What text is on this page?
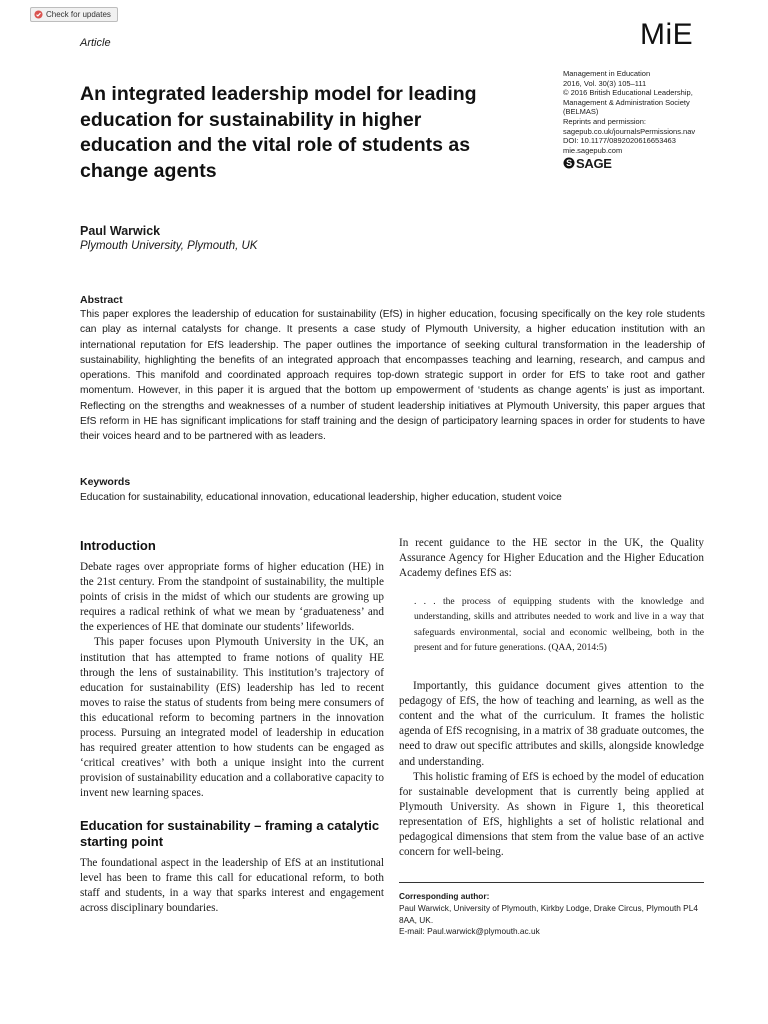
Check for updates
Article	MiE
An integrated leadership model for leading education for sustainability in higher education and the vital role of students as change agents
Management in Education
2016, Vol. 30(3) 105–111
© 2016 British Educational Leadership,
Management & Administration Society
(BELMAS)
Reprints and permission:
sagepub.co.uk/journalsPermissions.nav
DOI: 10.1177/0892020616653463
mie.sagepub.com
S SAGE
Paul Warwick
Plymouth University, Plymouth, UK
Abstract

This paper explores the leadership of education for sustainability (EfS) in higher education, focusing specifically on the key role students can play as internal catalysts for change. It presents a case study of Plymouth University, a higher education institution with an international reputation for EfS leadership. The paper outlines the importance of seeking cultural transformation in the leadership of sustainability, highlighting the benefits of an integrated approach that encompasses teaching and learning, research, and campus and operations. This manifold and coordinated approach requires top-down strategic support in order for EfS to take root and gather momentum. However, in this paper it is argued that the bottom up empowerment of ‘students as change agents’ is just as important. Reflecting on the strengths and weaknesses of a number of student leadership initiatives at Plymouth University, this paper argues that EfS reform in HE has significant implications for staff training and the design of participatory learning spaces in order for students to have their voices heard and to be partnered with as leaders.

Keywords

Education for sustainability, educational innovation, educational leadership, higher education, student voice

Introduction

Debate rages over appropriate forms of higher education (HE) in the 21st century. From the standpoint of sustainability, the multiple points of crisis in the midst of which our students are growing up requires a radical rethink of what we mean by ‘graduateness’ and the experiences of HE that dominate our students’ lifeworlds.

This paper focuses upon Plymouth University in the UK, an institution that has attempted to frame notions of quality HE through the lens of sustainability. This institution’s trajectory of education for sustainability (EfS) leadership has led to recent moves to raise the status of students from being mere consumers of this educational reform to becoming partners in the innovation process. Pursuing an integrated model of leadership in education has required greater attention to how students can be engaged as ‘critical creatives’ with both a unique insight into the current provision of sustainability education and a collaborative capacity to invent new learning spaces.

Education for sustainability – framing a catalytic starting point

The foundational aspect in the leadership of EfS at an institutional level has been to frame this call for educational reform, to both staff and students, in a way that sparks interest and engagement across disciplinary boundaries.

In recent guidance to the HE sector in the UK, the Quality Assurance Agency for Higher Education and the Higher Education Academy defines EfS as:

. . . the process of equipping students with the knowledge and understanding, skills and attributes needed to work and live in a way that safeguards environmental, social and economic wellbeing, both in the present and for future generations. (QAA, 2014:5)

Importantly, this guidance document gives attention to the pedagogy of EfS, the how of teaching and learning, as well as the content and the what of the curriculum. It frames the holistic agenda of EfS recognising, in a matrix of 38 graduate outcomes, the need to draw out specific attributes and skills, alongside knowledge and understanding.

This holistic framing of EfS is echoed by the model of education for sustainable development that is currently being applied at Plymouth University. As shown in Figure 1, this theoretical representation of EfS, highlights a set of holistic relational and pedagogical dimensions that stem from the value base of an active concern for well-being.

Corresponding author:
Paul Warwick, University of Plymouth, Kirkby Lodge, Drake Circus, Plymouth PL4 8AA, UK.
E-mail: Paul.warwick@plymouth.ac.uk
